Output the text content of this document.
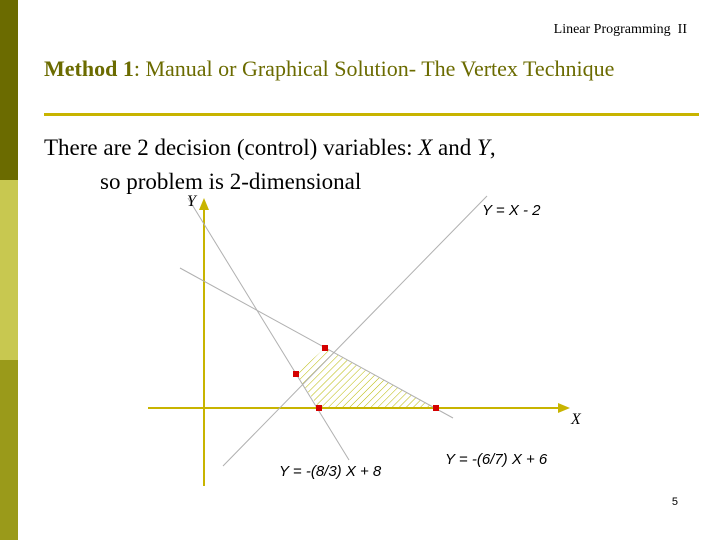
Linear Programming  II
Method 1: Manual or Graphical Solution- The Vertex Technique
There are 2 decision (control) variables: X and Y,
so problem is 2-dimensional
Y
X
Y = X - 2
Y = -(8/3) X + 8
Y = -(6/7) X + 6
5
